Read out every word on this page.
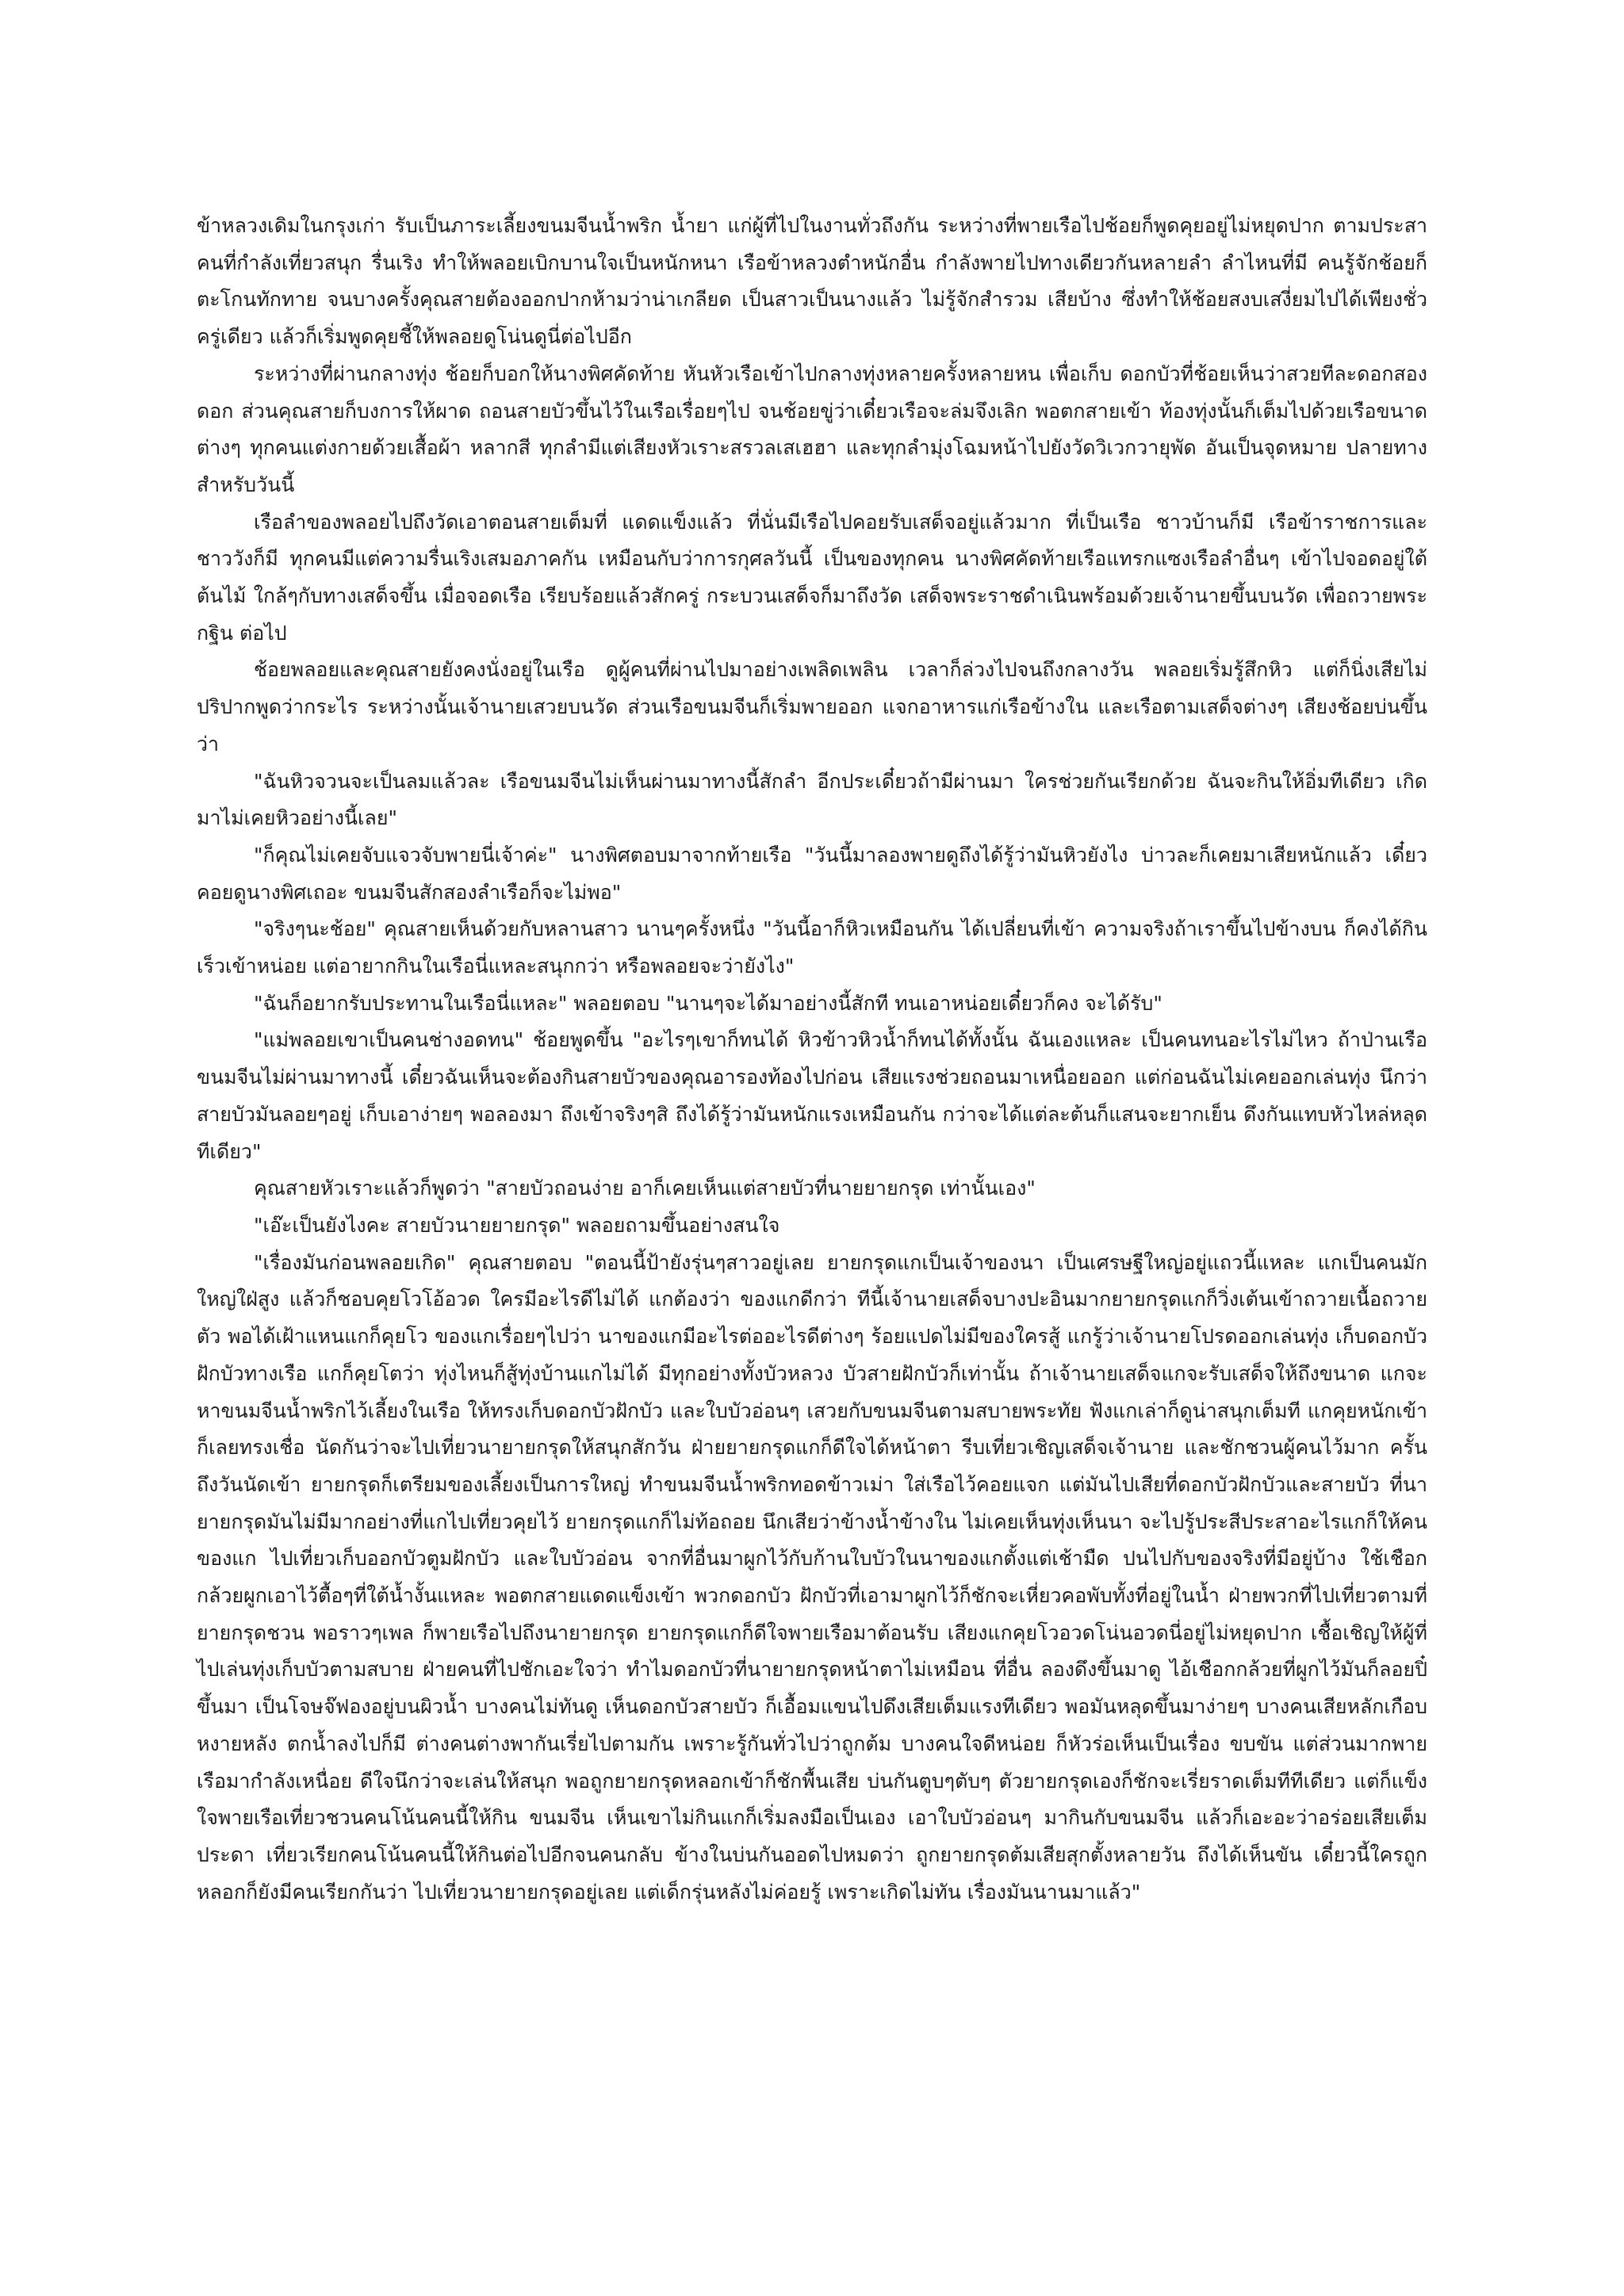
ข้าหลวงเดิมในกรุงเก่า รับเป็นภาระเลี้ยงขนมจีนน้ำพริก น้ำยา แก่ผู้ที่ไปในงานทั่วถึงกัน ระหว่างที่พายเรือไปช้อยก็พูดคุยอยู่ไม่หยุดปาก ตามประสาคนที่กำลังเที่ยวสนุก รื่นเริง ทำให้พลอยเบิกบานใจเป็นหนักหนา เรือข้าหลวงตำหนักอื่น กำลังพายไปทางเดียวกันหลายลำ ลำไหนที่มี คนรู้จักช้อยก็ตะโกนทักทาย จนบางครั้งคุณสายต้องออกปากห้ามว่าน่าเกลียด เป็นสาวเป็นนางแล้ว ไม่รู้จักสำรวม เสียบ้าง ซึ่งทำให้ช้อยสงบเสงี่ยมไปได้เพียงชั่วครู่เดียว แล้วก็เริ่มพูดคุยชี้ให้พลอยดูโน่นดูนี่ต่อไปอีก

ระหว่างที่ผ่านกลางทุ่ง ช้อยก็บอกให้นางพิศคัดท้าย หันหัวเรือเข้าไปกลางทุ่งหลายครั้งหลายหน เพื่อเก็บ ดอกบัวที่ช้อยเห็นว่าสวยทีละดอกสองดอก ส่วนคุณสายก็บงการให้ผาด ถอนสายบัวขึ้นไว้ในเรือเรื่อยๆไป จนช้อยขู่ว่าเดี๋ยวเรือจะล่มจึงเลิก พอตกสายเข้า ท้องทุ่งนั้นก็เต็มไปด้วยเรือขนาดต่างๆ ทุกคนแต่งกายด้วยเสื้อผ้า หลากสี ทุกลำมีแต่เสียงหัวเราะสรวลเสเฮฮา และทุกลำมุ่งโฉมหน้าไปยังวัดวิเวกวายุพัด อันเป็นจุดหมาย ปลายทาง สำหรับวันนี้

เรือลำของพลอยไปถึงวัดเอาตอนสายเต็มที่ แดดแข็งแล้ว ที่นั่นมีเรือไปคอยรับเสด็จอยู่แล้วมาก ที่เป็นเรือ ชาวบ้านก็มี เรือข้าราชการและชาววังก็มี ทุกคนมีแต่ความรื่นเริงเสมอภาคกัน เหมือนกับว่าการกุศลวันนี้ เป็นของทุกคน นางพิศคัดท้ายเรือแทรกแซงเรือลำอื่นๆ เข้าไปจอดอยู่ใต้ต้นไม้ ใกล้ๆกับทางเสด็จขึ้น เมื่อจอดเรือ เรียบร้อยแล้วสักครู่ กระบวนเสด็จก็มาถึงวัด เสด็จพระราชดำเนินพร้อมด้วยเจ้านายขึ้นบนวัด เพื่อถวายพระกฐิน ต่อไป

ช้อยพลอยและคุณสายยังคงนั่งอยู่ในเรือ ดูผู้คนที่ผ่านไปมาอย่างเพลิดเพลิน เวลาก็ล่วงไปจนถึงกลางวัน พลอยเริ่มรู้สึกหิว แต่ก็นิ่งเสียไม่ปริปากพูดว่ากระไร ระหว่างนั้นเจ้านายเสวยบนวัด ส่วนเรือขนมจีนก็เริ่มพายออก แจกอาหารแก่เรือข้างใน และเรือตามเสด็จต่างๆ เสียงช้อยบ่นขึ้นว่า

"ฉันหิวจวนจะเป็นลมแล้วละ เรือขนมจีนไม่เห็นผ่านมาทางนี้สักลำ อีกประเดี๋ยวถ้ามีผ่านมา ใครช่วยกันเรียกด้วย ฉันจะกินให้อิ่มทีเดียว เกิดมาไม่เคยหิวอย่างนี้เลย"

"ก็คุณไม่เคยจับแจวจับพายนี่เจ้าค่ะ" นางพิศตอบมาจากท้ายเรือ "วันนี้มาลองพายดูถึงได้รู้ว่ามันหิวยังไง บ่าวละก็เคยมาเสียหนักแล้ว เดี๋ยวคอยดูนางพิศเถอะ ขนมจีนสักสองลำเรือก็จะไม่พอ"

"จริงๆนะช้อย" คุณสายเห็นด้วยกับหลานสาว นานๆครั้งหนึ่ง "วันนี้อาก็หิวเหมือนกัน ได้เปลี่ยนที่เข้า ความจริงถ้าเราขึ้นไปข้างบน ก็คงได้กินเร็วเข้าหน่อย แต่อายากกินในเรือนี่แหละสนุกกว่า หรือพลอยจะว่ายังไง"

"ฉันก็อยากรับประทานในเรือนี่แหละ" พลอยตอบ "นานๆจะได้มาอย่างนี้สักที ทนเอาหน่อยเดี๋ยวก็คง จะได้รับ"

"แม่พลอยเขาเป็นคนช่างอดทน" ช้อยพูดขึ้น "อะไรๆเขาก็ทนได้ หิวข้าวหิวน้ำก็ทนได้ทั้งนั้น ฉันเองแหละ เป็นคนทนอะไรไม่ไหว ถ้าป่านเรือขนมจีนไม่ผ่านมาทางนี้ เดี๋ยวฉันเห็นจะต้องกินสายบัวของคุณอารองท้องไปก่อน เสียแรงช่วยถอนมาเหนื่อยออก แต่ก่อนฉันไม่เคยออกเล่นทุ่ง นึกว่าสายบัวมันลอยๆอยู่ เก็บเอาง่ายๆ พอลองมา ถึงเข้าจริงๆสิ ถึงได้รู้ว่ามันหนักแรงเหมือนกัน กว่าจะได้แต่ละต้นก็แสนจะยากเย็น ดึงกันแทบหัวไหล่หลุดทีเดียว"

คุณสายหัวเราะแล้วก็พูดว่า "สายบัวถอนง่าย อาก็เคยเห็นแต่สายบัวที่นายยายกรุด เท่านั้นเอง"

"เอ๊ะเป็นยังไงคะ สายบัวนายยายกรุด" พลอยถามขึ้นอย่างสนใจ

"เรื่องมันก่อนพลอยเกิด" คุณสายตอบ "ตอนนี้ป้ายังรุ่นๆสาวอยู่เลย ยายกรุดแกเป็นเจ้าของนา เป็นเศรษฐีใหญ่อยู่แถวนี้แหละ แกเป็นคนมักใหญ่ใฝ่สูง แล้วก็ชอบคุยโวโอ้อวด ใครมีอะไรดีไม่ได้ แกต้องว่า ของแกดีกว่า ทีนี้เจ้านายเสด็จบางปะอินมากยายกรุดแกก็วิ่งเต้นเข้าถวายเนื้อถวายตัว พอได้เฝ้าแหนแกก็คุยโว ของแกเรื่อยๆไปว่า นาของแกมีอะไรต่ออะไรดีต่างๆ ร้อยแปดไม่มีของใครสู้ แกรู้ว่าเจ้านายโปรดออกเล่นทุ่ง เก็บดอกบัวฝักบัวทางเรือ แกก็คุยโตว่า ทุ่งไหนก็สู้ทุ่งบ้านแกไม่ได้ มีทุกอย่างทั้งบัวหลวง บัวสายฝักบัวก็เท่านั้น ถ้าเจ้านายเสด็จแกจะรับเสด็จให้ถึงขนาด แกจะหาขนมจีนน้ำพริกไว้เลี้ยงในเรือ ให้ทรงเก็บดอกบัวฝักบัว และใบบัวอ่อนๆ เสวยกับขนมจีนตามสบายพระทัย ฟังแกเล่าก็ดูน่าสนุกเต็มที แกคุยหนักเข้าก็เลยทรงเชื่อ นัดกันว่าจะไปเที่ยวนายายกรุดให้สนุกสักวัน ฝ่ายยายกรุดแกก็ดีใจได้หน้าตา รีบเที่ยวเชิญเสด็จเจ้านาย และชักชวนผู้คนไว้มาก ครั้นถึงวันนัดเข้า ยายกรุดก็เตรียมของเลี้ยงเป็นการใหญ่ ทำขนมจีนน้ำพริกทอดข้าวเม่า ใส่เรือไว้คอยแจก แต่มันไปเสียที่ดอกบัวฝักบัวและสายบัว ที่นายายกรุดมันไม่มีมากอย่างที่แกไปเที่ยวคุยไว้ ยายกรุดแกก็ไม่ท้อถอย นึกเสียว่าข้างน้ำข้างใน ไม่เคยเห็นทุ่งเห็นนา จะไปรู้ประสีประสาอะไรแกก็ให้คนของแก ไปเที่ยวเก็บออกบัวตูมฝักบัว และใบบัวอ่อน จากที่อื่นมาผูกไว้กับก้านใบบัวในนาของแกตั้งแต่เช้ามืด ปนไปกับของจริงที่มีอยู่บ้าง ใช้เชือกกล้วยผูกเอาไว้ตื้อๆที่ใต้น้ำงั้นแหละ พอตกสายแดดแข็งเข้า พวกดอกบัว ฝักบัวที่เอามาผูกไว้ก็ชักจะเหี่ยวคอพับทั้งที่อยู่ในน้ำ ฝ่ายพวกที่ไปเที่ยวตามที่ยายกรุดชวน พอราวๆเพล ก็พายเรือไปถึงนายายกรุด ยายกรุดแกก็ดีใจพายเรือมาต้อนรับ เสียงแกคุยโวอวดโน่นอวดนี่อยู่ไม่หยุดปาก เชื้อเชิญให้ผู้ที่ไปเล่นทุ่งเก็บบัวตามสบาย ฝ่ายคนที่ไปชักเอะใจว่า ทำไมดอกบัวที่นายายกรุดหน้าตาไม่เหมือน ที่อื่น ลองดึงขึ้นมาดู ไอ้เชือกกล้วยที่ผูกไว้มันก็ลอยปิ๋ขึ้นมา เป็นโจษจ๊ฟองอยู่บนผิวน้ำ บางคนไม่ทันดู เห็นดอกบัวสายบัว ก็เอื้อมแขนไปดึงเสียเต็มแรงทีเดียว พอมันหลุดขึ้นมาง่ายๆ บางคนเสียหลักเกือบหงายหลัง ตกน้ำลงไปก็มี ต่างคนต่างพากันเรี่ยไปตามกัน เพราะรู้กันทั่วไปว่าถูกต้ม บางคนใจดีหน่อย ก็หัวร่อเห็นเป็นเรื่อง ขบขัน แต่ส่วนมากพายเรือมากำลังเหนื่อย ดีใจนึกว่าจะเล่นให้สนุก พอถูกยายกรุดหลอกเข้าก็ชักพื้นเสีย บ่นกันตูบๆตับๆ ตัวยายกรุดเองก็ชักจะเรี่ยราดเต็มทีทีเดียว แต่ก็แข็งใจพายเรือเที่ยวชวนคนโน้นคนนี้ให้กิน ขนมจีน เห็นเขาไม่กินแกก็เริ่มลงมือเป็นเอง เอาใบบัวอ่อนๆ มากินกับขนมจีน แล้วก็เอะอะว่าอร่อยเสียเต็มประดา เที่ยวเรียกคนโน้นคนนี้ให้กินต่อไปอีกจนคนกลับ ข้างในบ่นกันออดไปหมดว่า ถูกยายกรุดต้มเสียสุกตั้งหลายวัน ถึงได้เห็นขัน เดี๋ยวนี้ใครถูกหลอกก็ยังมีคนเรียกกันว่า ไปเที่ยวนายายกรุดอยู่เลย แต่เด็กรุ่นหลังไม่ค่อยรู้ เพราะเกิดไม่ทัน เรื่องมันนานมาแล้ว"
